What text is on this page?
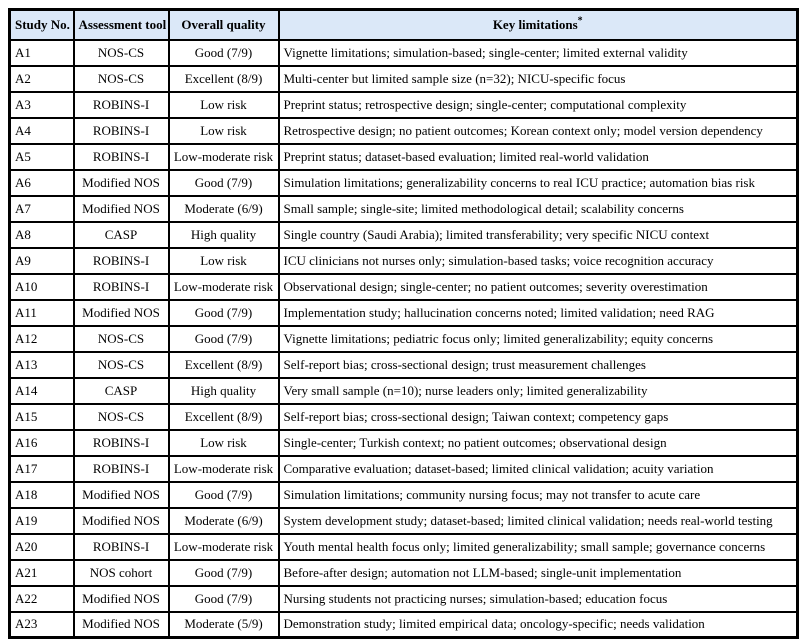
Study No.	Assessment tool	Overall quality	Key limitations*
A1	NOS-CS	Good (7/9)	Vignette limitations; simulation-based; single-center; limited external validity
A2	NOS-CS	Excellent (8/9)	Multi-center but limited sample size (n=32); NICU-specific focus
A3	ROBINS-I	Low risk	Preprint status; retrospective design; single-center; computational complexity
A4	ROBINS-I	Low risk	Retrospective design; no patient outcomes; Korean context only; model version dependency
A5	ROBINS-I	Low-moderate risk	Preprint status; dataset-based evaluation; limited real-world validation
A6	Modified NOS	Good (7/9)	Simulation limitations; generalizability concerns to real ICU practice; automation bias risk
A7	Modified NOS	Moderate (6/9)	Small sample; single-site; limited methodological detail; scalability concerns
A8	CASP	High quality	Single country (Saudi Arabia); limited transferability; very specific NICU context
A9	ROBINS-I	Low risk	ICU clinicians not nurses only; simulation-based tasks; voice recognition accuracy
A10	ROBINS-I	Low-moderate risk	Observational design; single-center; no patient outcomes; severity overestimation
A11	Modified NOS	Good (7/9)	Implementation study; hallucination concerns noted; limited validation; need RAG
A12	NOS-CS	Good (7/9)	Vignette limitations; pediatric focus only; limited generalizability; equity concerns
A13	NOS-CS	Excellent (8/9)	Self-report bias; cross-sectional design; trust measurement challenges
A14	CASP	High quality	Very small sample (n=10); nurse leaders only; limited generalizability
A15	NOS-CS	Excellent (8/9)	Self-report bias; cross-sectional design; Taiwan context; competency gaps
A16	ROBINS-I	Low risk	Single-center; Turkish context; no patient outcomes; observational design
A17	ROBINS-I	Low-moderate risk	Comparative evaluation; dataset-based; limited clinical validation; acuity variation
A18	Modified NOS	Good (7/9)	Simulation limitations; community nursing focus; may not transfer to acute care
A19	Modified NOS	Moderate (6/9)	System development study; dataset-based; limited clinical validation; needs real-world testing
A20	ROBINS-I	Low-moderate risk	Youth mental health focus only; limited generalizability; small sample; governance concerns
A21	NOS cohort	Good (7/9)	Before-after design; automation not LLM-based; single-unit implementation
A22	Modified NOS	Good (7/9)	Nursing students not practicing nurses; simulation-based; education focus
A23	Modified NOS	Moderate (5/9)	Demonstration study; limited empirical data; oncology-specific; needs validation
